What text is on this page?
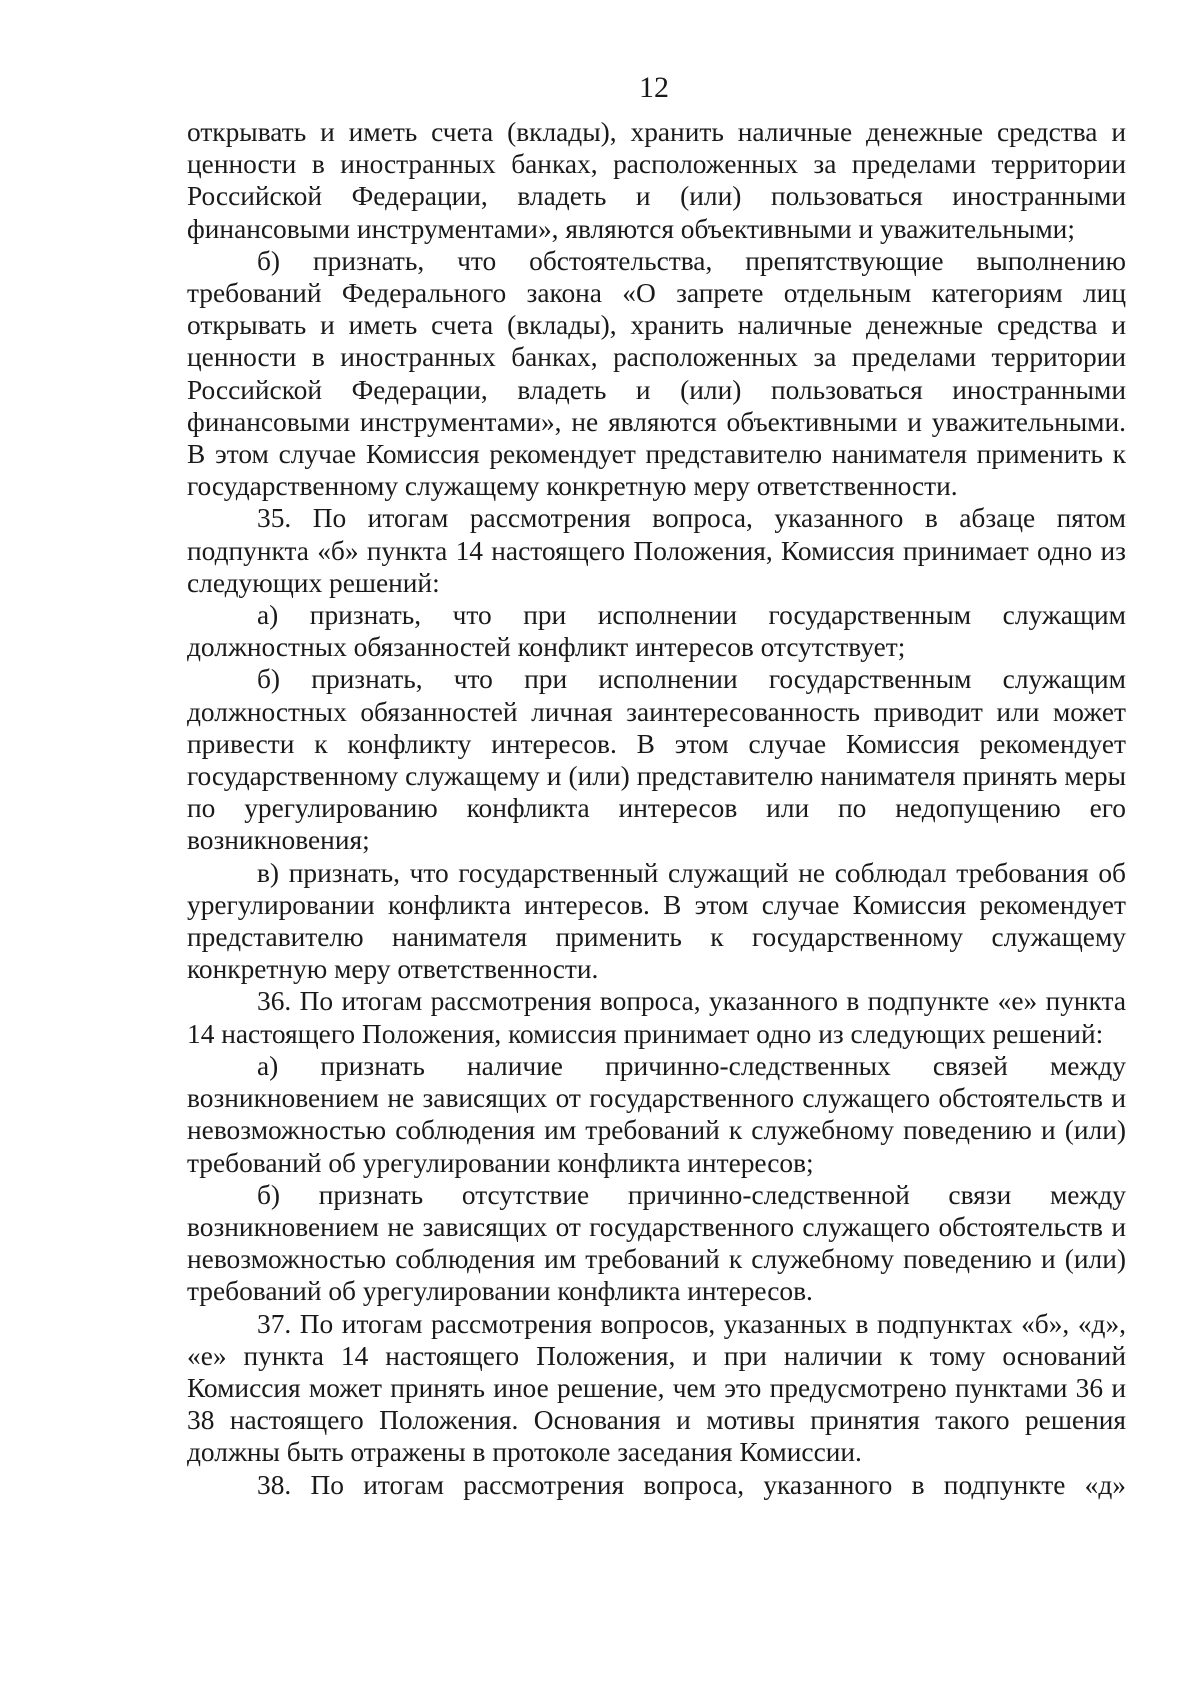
12

открывать и иметь счета (вклады), хранить наличные денежные средства и ценности в иностранных банках, расположенных за пределами территории Российской Федерации, владеть и (или) пользоваться иностранными финансовыми инструментами», являются объективными и уважительными;

б) признать, что обстоятельства, препятствующие выполнению требований Федерального закона «О запрете отдельным категориям лиц открывать и иметь счета (вклады), хранить наличные денежные средства и ценности в иностранных банках, расположенных за пределами территории Российской Федерации, владеть и (или) пользоваться иностранными финансовыми инструментами», не являются объективными и уважительными. В этом случае Комиссия рекомендует представителю нанимателя применить к государственному служащему конкретную меру ответственности.

35. По итогам рассмотрения вопроса, указанного в абзаце пятом подпункта «б» пункта 14 настоящего Положения, Комиссия принимает одно из следующих решений:

а) признать, что при исполнении государственным служащим должностных обязанностей конфликт интересов отсутствует;

б) признать, что при исполнении государственным служащим должностных обязанностей личная заинтересованность приводит или может привести к конфликту интересов. В этом случае Комиссия рекомендует государственному служащему и (или) представителю нанимателя принять меры по урегулированию конфликта интересов или по недопущению его возникновения;

в) признать, что государственный служащий не соблюдал требования об урегулировании конфликта интересов. В этом случае Комиссия рекомендует представителю нанимателя применить к государственному служащему конкретную меру ответственности.

36. По итогам рассмотрения вопроса, указанного в подпункте «е» пункта 14 настоящего Положения, комиссия принимает одно из следующих решений:

а) признать наличие причинно-следственных связей между возникновением не зависящих от государственного служащего обстоятельств и невозможностью соблюдения им требований к служебному поведению и (или) требований об урегулировании конфликта интересов;

б) признать отсутствие причинно-следственной связи между возникновением не зависящих от государственного служащего обстоятельств и невозможностью соблюдения им требований к служебному поведению и (или) требований об урегулировании конфликта интересов.

37. По итогам рассмотрения вопросов, указанных в подпунктах «б», «д», «е» пункта 14 настоящего Положения, и при наличии к тому оснований Комиссия может принять иное решение, чем это предусмотрено пунктами 36 и 38 настоящего Положения. Основания и мотивы принятия такого решения должны быть отражены в протоколе заседания Комиссии.

38. По итогам рассмотрения вопроса, указанного в подпункте «д»
